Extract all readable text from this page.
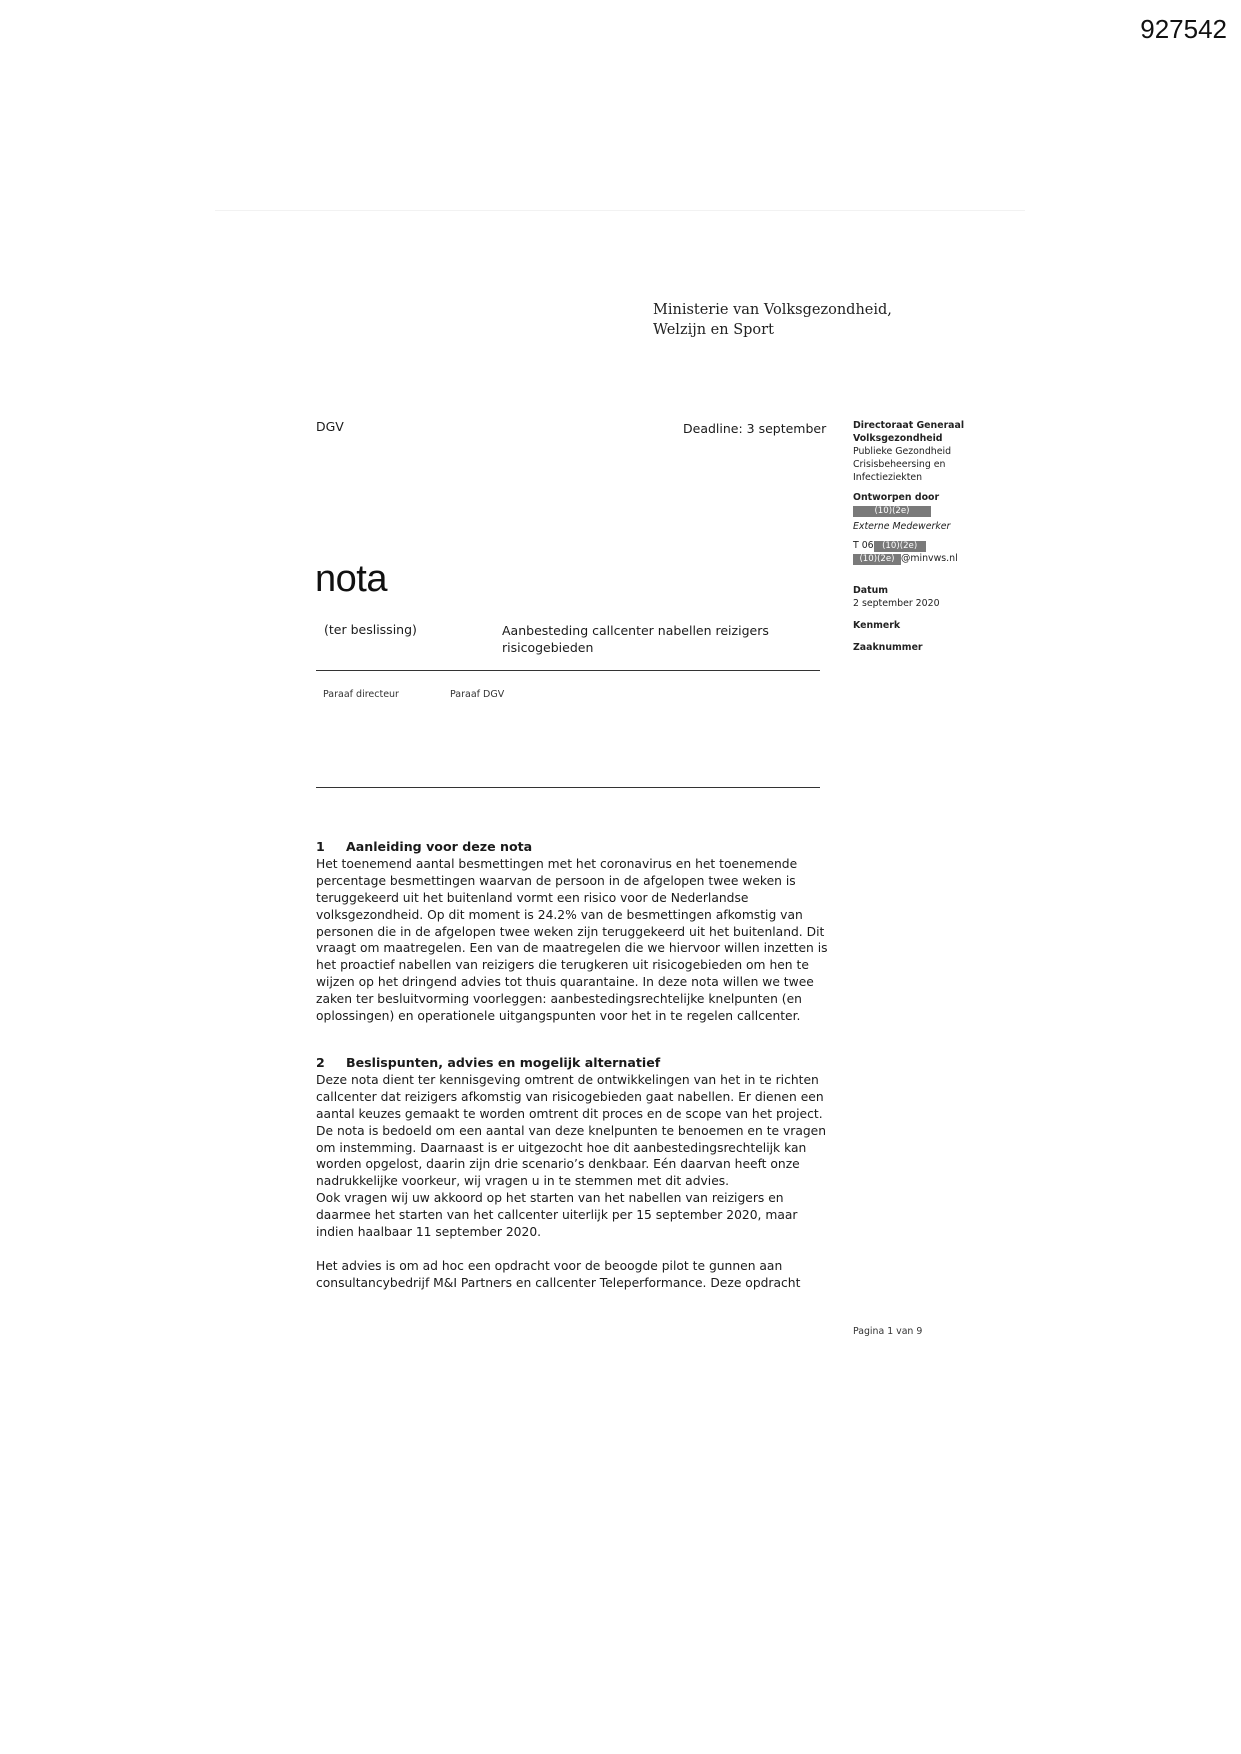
927542
Ministerie van Volksgezondheid,
Welzijn en Sport
DGV	Deadline: 3 september
nota
(ter beslissing)	Aanbesteding callcenter nabellen reizigers
risicogebieden
Paraaf directeur	Paraaf DGV
1 Aanleiding voor deze nota

Het toenemend aantal besmettingen met het coronavirus en het toenemende

percentage besmettingen waarvan de persoon in de afgelopen twee weken is

teruggekeerd uit het buitenland vormt een risico voor de Nederlandse

volksgezondheid. Op dit moment is 24.2% van de besmettingen afkomstig van

personen die in de afgelopen twee weken zijn teruggekeerd uit het buitenland. Dit

vraagt om maatregelen. Een van de maatregelen die we hiervoor willen inzetten is

het proactief nabellen van reizigers die terugkeren uit risicogebieden om hen te

wijzen op het dringend advies tot thuis quarantaine. In deze nota willen we twee

zaken ter besluitvorming voorleggen: aanbestedingsrechtelijke knelpunten (en

oplossingen) en operationele uitgangspunten voor het in te regelen callcenter.

2 Beslispunten, advies en mogelijk alternatief

Deze nota dient ter kennisgeving omtrent de ontwikkelingen van het in te richten

callcenter dat reizigers afkomstig van risicogebieden gaat nabellen. Er dienen een

aantal keuzes gemaakt te worden omtrent dit proces en de scope van het project.

De nota is bedoeld om een aantal van deze knelpunten te benoemen en te vragen

om instemming. Daarnaast is er uitgezocht hoe dit aanbestedingsrechtelijk kan

worden opgelost, daarin zijn drie scenario’s denkbaar. Eén daarvan heeft onze

nadrukkelijke voorkeur, wij vragen u in te stemmen met dit advies.

Ook vragen wij uw akkoord op het starten van het nabellen van reizigers en

daarmee het starten van het callcenter uiterlijk per 15 september 2020, maar

indien haalbaar 11 september 2020.

Het advies is om ad hoc een opdracht voor de beoogde pilot te gunnen aan

consultancybedrijf M&I Partners en callcenter Teleperformance. Deze opdracht

Directoraat Generaal
Volksgezondheid
Publieke Gezondheid
Crisisbeheersing en
Infectieziekten
Ontworpen door
(10)(2e)
Externe Medewerker
T 06 (10)(2e)
(10)(2e) @minvws.nl
Datum
2 september 2020
Kenmerk
Zaaknummer
Pagina 1 van 9
